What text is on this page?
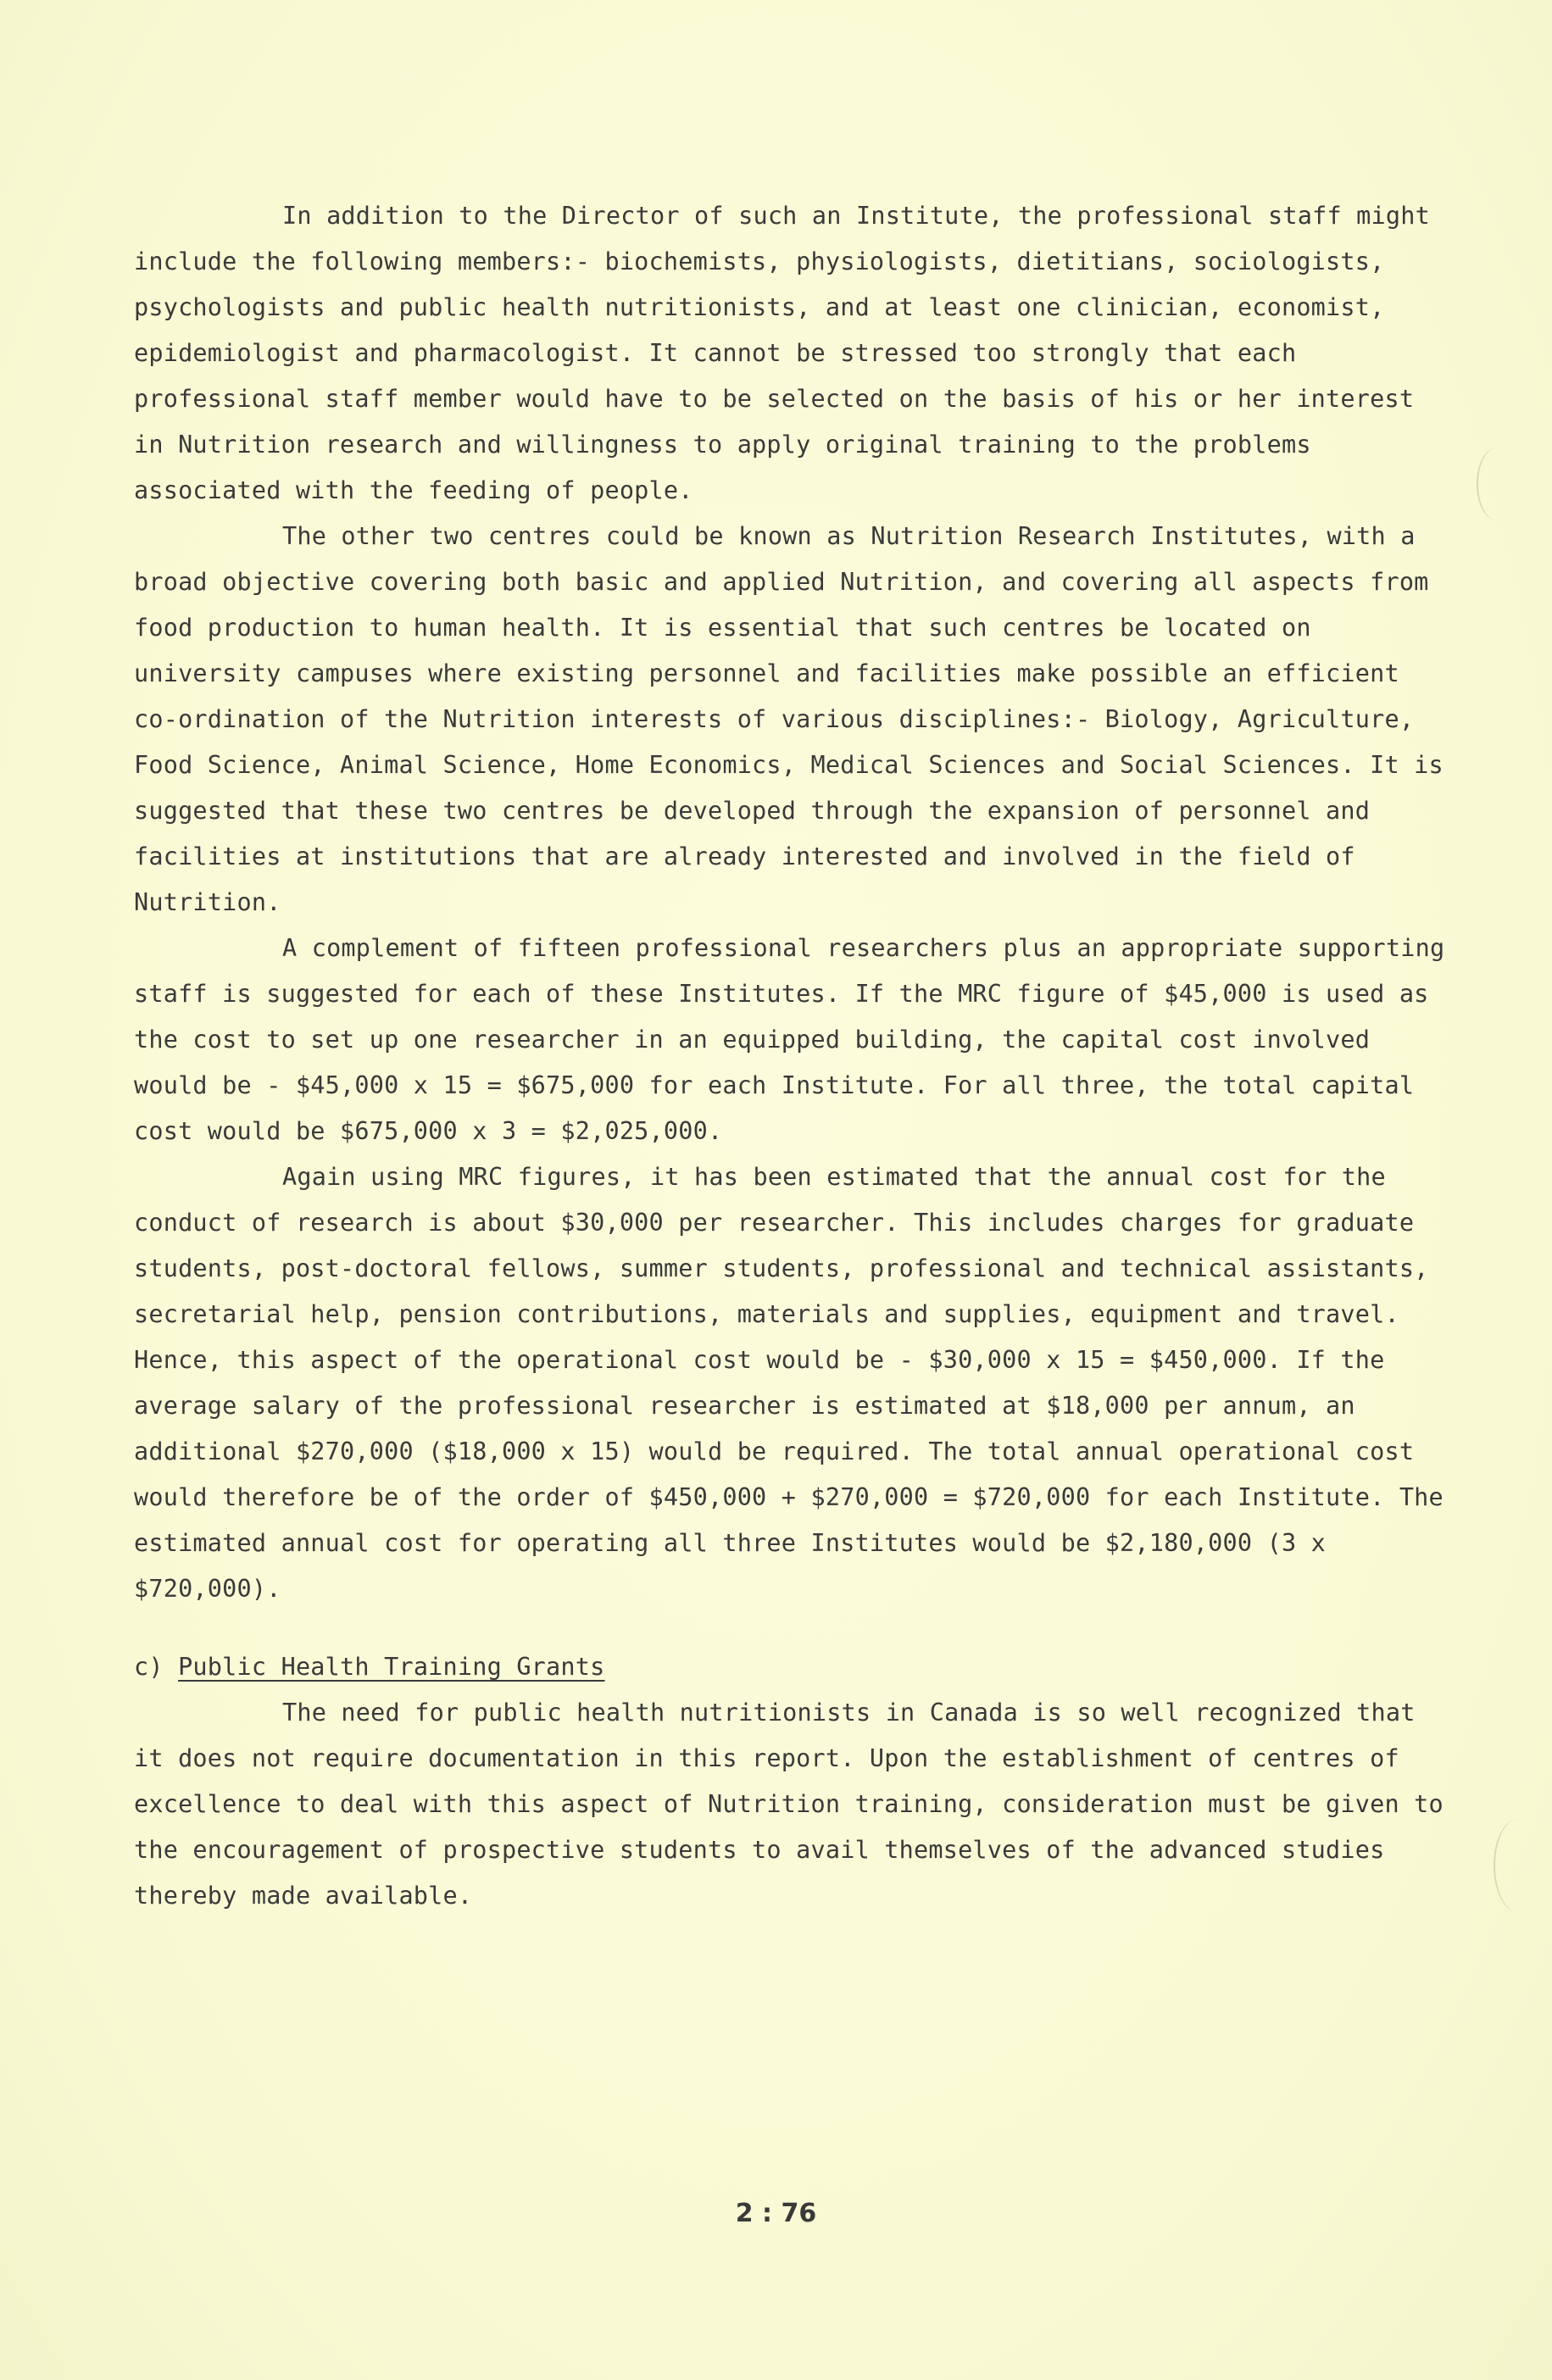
In addition to the Director of such an Institute, the professional staff might include the following members:- biochemists, physiologists, dietitians, sociologists, psychologists and public health nutritionists, and at least one clinician, economist, epidemiologist and pharmacologist. It cannot be stressed too strongly that each professional staff member would have to be selected on the basis of his or her interest in Nutrition research and willingness to apply original training to the problems associated with the feeding of people.

The other two centres could be known as Nutrition Research Institutes, with a broad objective covering both basic and applied Nutrition, and covering all aspects from food production to human health. It is essential that such centres be located on university campuses where existing personnel and facilities make possible an efficient co-ordination of the Nutrition interests of various disciplines:- Biology, Agriculture, Food Science, Animal Science, Home Economics, Medical Sciences and Social Sciences. It is suggested that these two centres be developed through the expansion of personnel and facilities at institutions that are already interested and involved in the field of Nutrition.

A complement of fifteen professional researchers plus an appropriate supporting staff is suggested for each of these Institutes. If the MRC figure of $45,000 is used as the cost to set up one researcher in an equipped building, the capital cost involved would be - $45,000 x 15 = $675,000 for each Institute. For all three, the total capital cost would be $675,000 x 3 = $2,025,000.

Again using MRC figures, it has been estimated that the annual cost for the conduct of research is about $30,000 per researcher. This includes charges for graduate students, post-doctoral fellows, summer students, professional and technical assistants, secretarial help, pension contributions, materials and supplies, equipment and travel. Hence, this aspect of the operational cost would be - $30,000 x 15 = $450,000. If the average salary of the professional researcher is estimated at $18,000 per annum, an additional $270,000 ($18,000 x 15) would be required. The total annual operational cost would therefore be of the order of $450,000 + $270,000 = $720,000 for each Institute. The estimated annual cost for operating all three Institutes would be $2,180,000 (3 x $720,000).

c) Public Health Training Grants

The need for public health nutritionists in Canada is so well recognized that it does not require documentation in this report. Upon the establishment of centres of excellence to deal with this aspect of Nutrition training, consideration must be given to the encouragement of prospective students to avail themselves of the advanced studies thereby made available.

2 : 76
